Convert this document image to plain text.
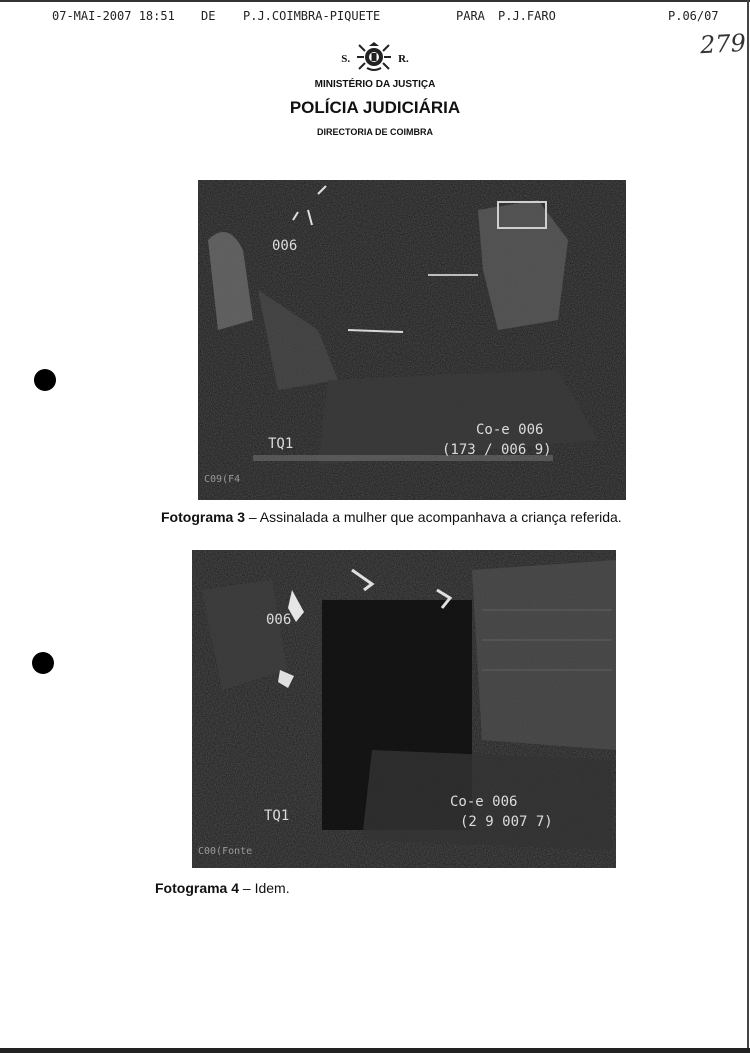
07-MAI-2007 18:51 DE P.J.COIMBRA-PIQUETE	PARA P.J.FARO	P.06/07
279
S.	R.
MINISTÉRIO DA JUSTIÇA
POLÍCIA JUDICIÁRIA
DIRECTORIA DE COIMBRA
006
TQ1
Co-e 006
(173 / 006 9)
C09(F4
Fotograma 3 – Assinalada a mulher que acompanhava a criança referida.
006
TQ1
Co-e 006
(2 9 007 7)
C00(Fonte
Fotograma 4 – Idem.
